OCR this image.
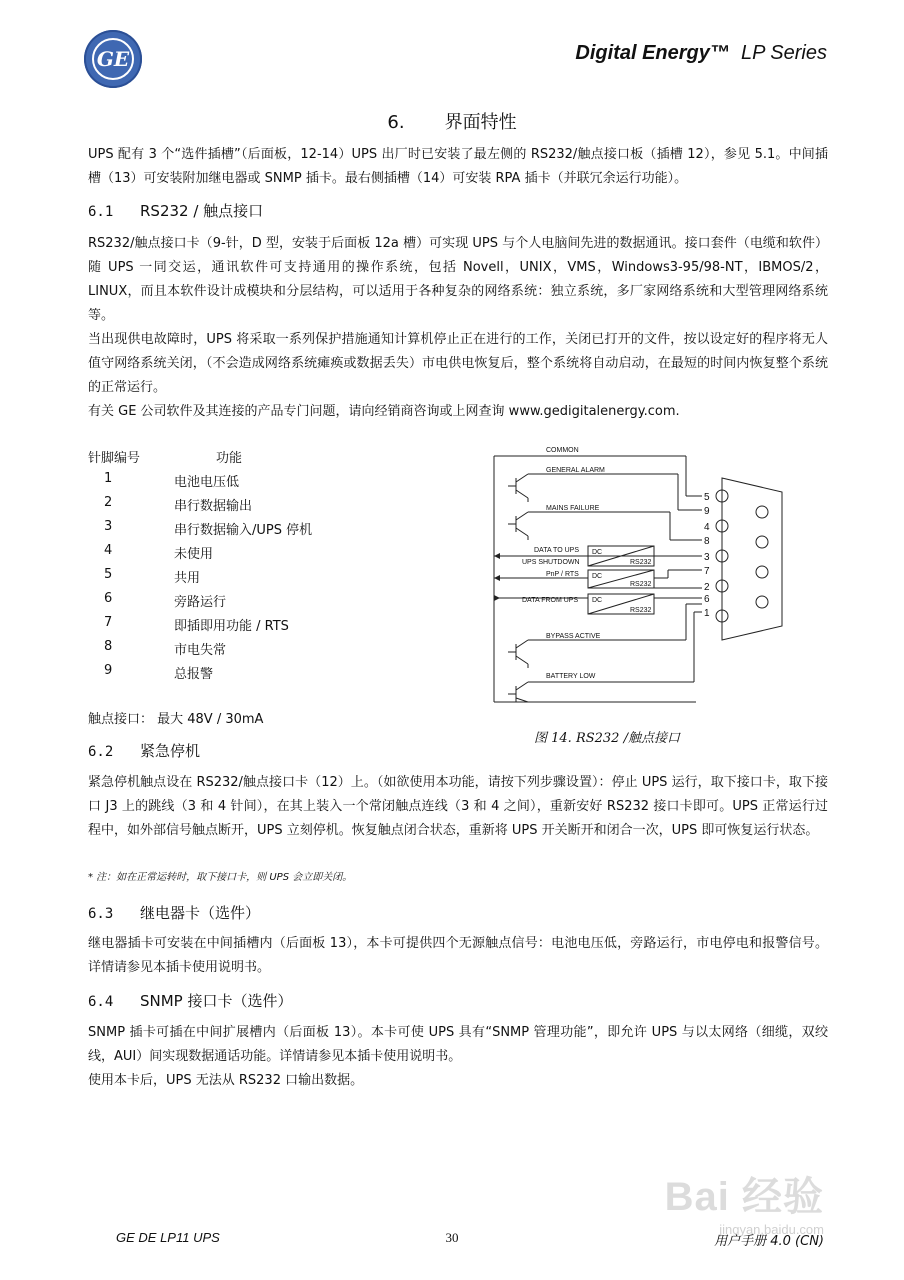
GE	Digital Energy™ LP Series
6. 界面特性
UPS 配有 3 个“选件插槽”（后面板，12-14）UPS 出厂时已安装了最左侧的 RS232/触点接口板（插槽 12），参见 5.1。中间插槽（13）可安装附加继电器或 SNMP 插卡。最右侧插槽（14）可安装 RPA 插卡（并联冗余运行功能）。
6.1 RS232 / 触点接口
RS232/触点接口卡（9-针，D 型，安装于后面板 12a 槽）可实现 UPS 与个人电脑间先进的数据通讯。接口套件（电缆和软件）随 UPS 一同交运，通讯软件可支持通用的操作系统，包括 Novell，UNIX，VMS，Windows3-95/98-NT，IBMOS/2，LINUX，而且本软件设计成模块和分层结构，可以适用于各种复杂的网络系统：独立系统，多厂家网络系统和大型管理网络系统等。
当出现供电故障时，UPS 将采取一系列保护措施通知计算机停止正在进行的工作，关闭已打开的文件，按以设定好的程序将无人值守网络系统关闭，（不会造成网络系统瘫痪或数据丢失）市电供电恢复后，整个系统将自动启动，在最短的时间内恢复整个系统的正常运行。
有关 GE 公司软件及其连接的产品专门问题，请向经销商咨询或上网查询 www.gedigitalenergy.com.
针脚编号	功能
1	电池电压低
2	串行数据输出
3	串行数据输入/UPS 停机
4	未使用
5	共用
6	旁路运行
7	即插即用功能 / RTS
8	市电失常
9	总报警
触点接口： 最大 48V / 30mA
COMMON
GENERAL ALARM
MAINS FAILURE
DATA TO UPS
UPS SHUTDOWN
PnP / RTS
DATA FROM UPS
BYPASS ACTIVE
BATTERY LOW
DC
RS232
DC
RS232
DC
RS232
5
9
4
8
3
7
2
6
1
图 14. RS232 /触点接口
6.2 紧急停机
紧急停机触点设在 RS232/触点接口卡（12）上。（如欲使用本功能，请按下列步骤设置）：停止 UPS 运行，取下接口卡，取下接口 J3 上的跳线（3 和 4 针间），在其上装入一个常闭触点连线（3 和 4 之间），重新安好 RS232 接口卡即可。UPS 正常运行过程中，如外部信号触点断开，UPS 立刻停机。恢复触点闭合状态，重新将 UPS 开关断开和闭合一次，UPS 即可恢复运行状态。
* 注：如在正常运转时，取下接口卡，则 UPS 会立即关闭。
6.3 继电器卡（选件）
继电器插卡可安装在中间插槽内（后面板 13），本卡可提供四个无源触点信号：电池电压低，旁路运行，市电停电和报警信号。详情请参见本插卡使用说明书。
6.4 SNMP 接口卡（选件）
SNMP 插卡可插在中间扩展槽内（后面板 13）。本卡可使 UPS 具有“SNMP 管理功能”，即允许 UPS 与以太网络（细缆，双绞线，AUI）间实现数据通话功能。详情请参见本插卡使用说明书。
使用本卡后，UPS 无法从 RS232 口输出数据。
Bai 经验
jingyan.baidu.com
GE DE LP11 UPS	30	用户手册 4.0 (CN)
